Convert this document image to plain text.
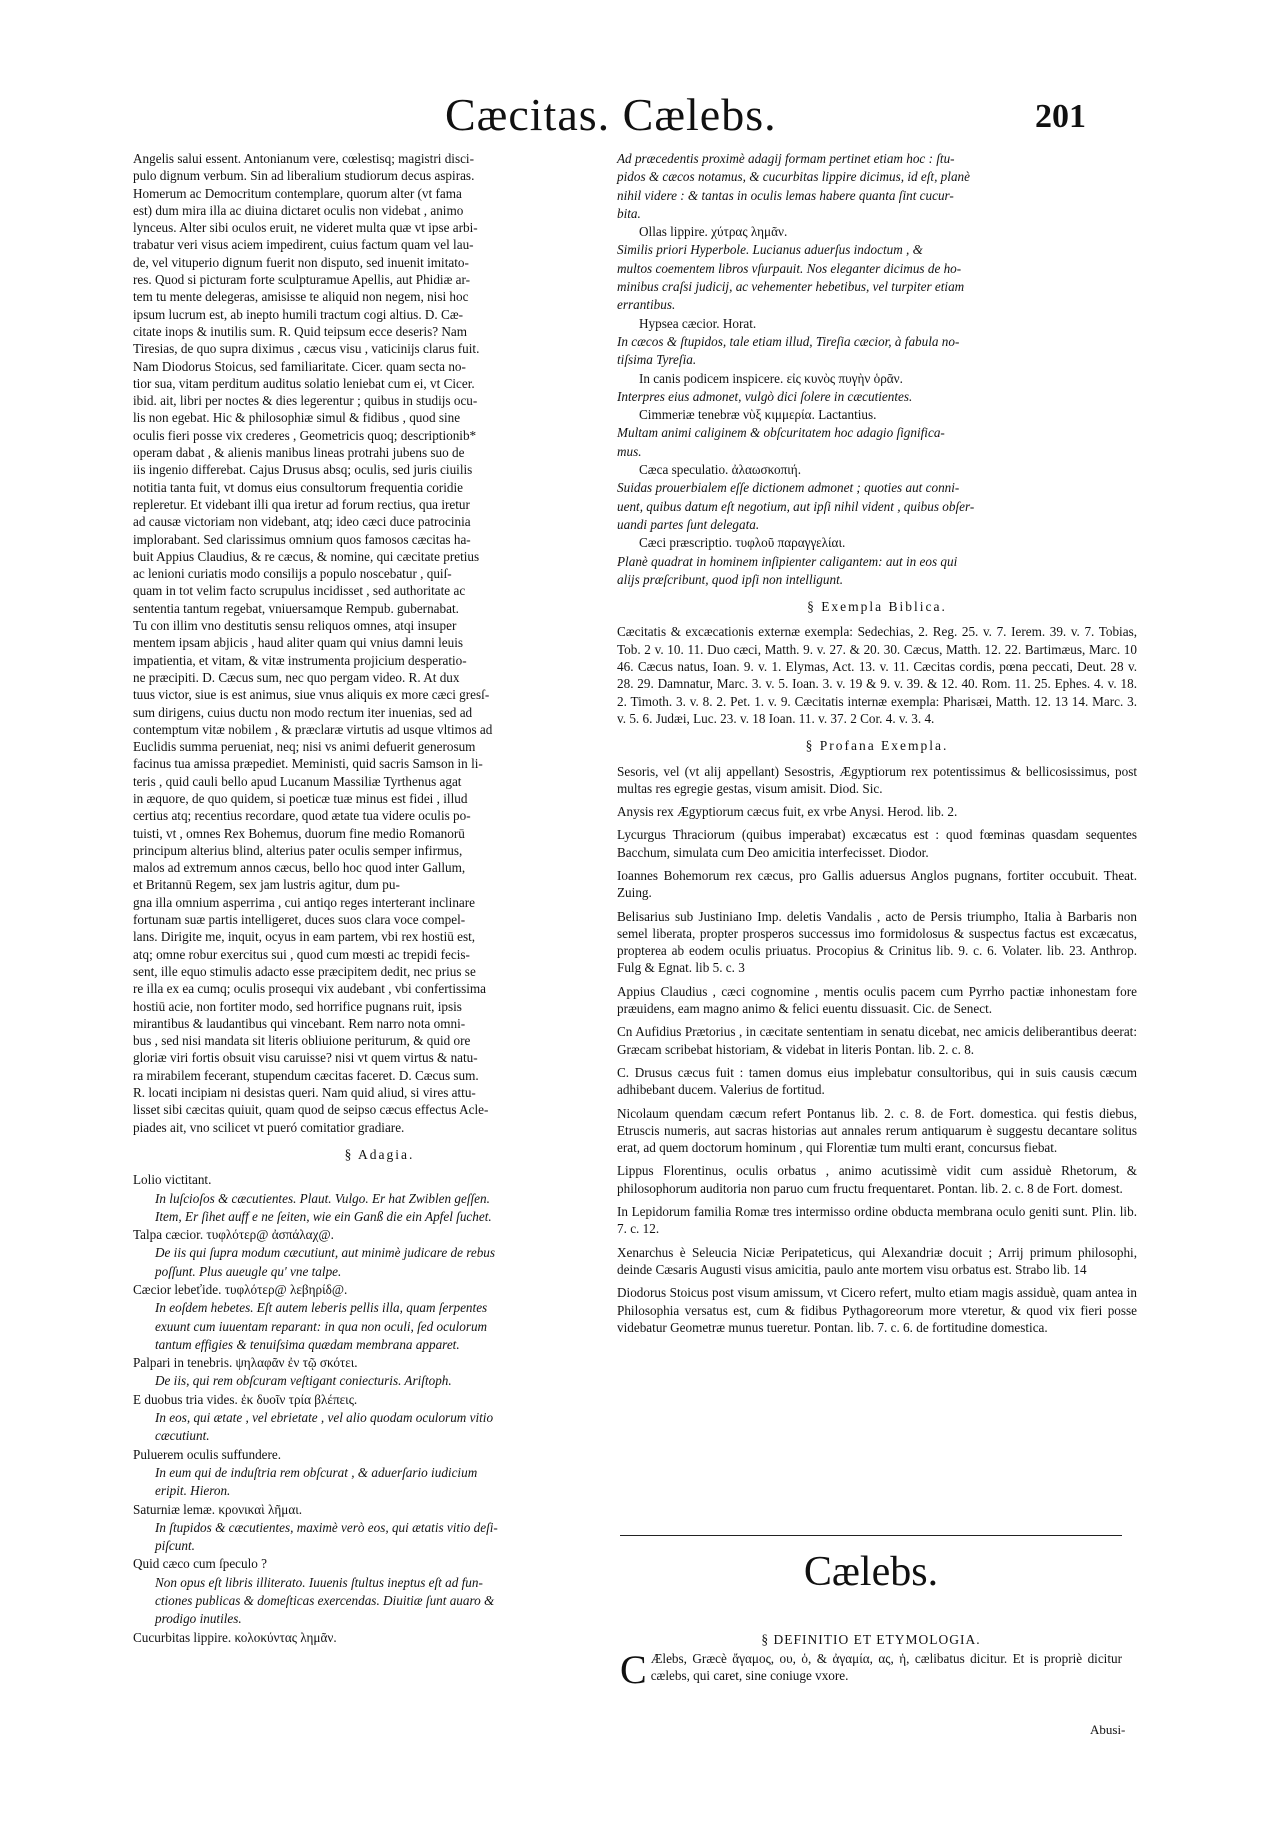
Cæcitas. Cælebs.	201
Angelis salui essent. Antonianum vere, cœlestisq; magistri disci-
pulo dignum verbum. Sin ad liberalium studiorum decus aspiras.
Homerum ac Democritum contemplare, quorum alter (vt fama
est) dum mira illa ac diuina dictaret oculis non videbat , animo
lynceus. Alter sibi oculos eruit, ne videret multa quæ vt ipse arbi-
trabatur veri visus aciem impedirent, cuius factum quam vel lau-
de, vel vituperio dignum fuerit non disputo, sed inuenit imitato-
res. Quod si picturam forte sculpturamue Apellis, aut Phidiæ ar-
tem tu mente delegeras, amisisse te aliquid non negem, nisi hoc
ipsum lucrum est, ab inepto humili tractum cogi altius. D. Cæ-
citate inops & inutilis sum. R. Quid teipsum ecce deseris? Nam
Tiresias, de quo supra diximus , cæcus visu , vaticinijs clarus fuit.
Nam Diodorus Stoicus, sed familiaritate. Cicer. quam secta no-
tior sua, vitam perditum auditus solatio leniebat cum ei, vt Cicer.
ibid. ait, libri per noctes & dies legerentur ; quibus in studijs ocu-
lis non egebat. Hic & philosophiæ simul & fidibus , quod sine
oculis fieri posse vix crederes , Geometricis quoq; descriptionib*
operam dabat , & alienis manibus lineas protrahi jubens suo de
iis ingenio differebat. Cajus Drusus absq; oculis, sed juris ciuilis
notitia tanta fuit, vt domus eius consultorum frequentia coridie
repleretur. Et videbant illi qua iretur ad forum rectius, qua iretur
ad causæ victoriam non videbant, atq; ideo cæci duce patrocinia
implorabant. Sed clarissimus omnium quos famosos cæcitas ha-
buit Appius Claudius, & re cæcus, & nomine, qui cæcitate pretius
ac lenioni curiatis modo consilijs a populo noscebatur , quiſ-
quam in tot velim facto scrupulus incidisset , sed authoritate ac
sententia tantum regebat, vniuersamque Rempub. gubernabat.
Tu con illim vno destitutis sensu reliquos omnes, atqi insuper
mentem ipsam abjicis , haud aliter quam qui vnius damni leuis
impatientia, et vitam, & vitæ instrumenta projicium desperatio-
ne præcipiti. D. Cæcus sum, nec quo pergam video. R. At dux
tuus victor, siue is est animus, siue vnus aliquis ex more cæci gresſ-
sum dirigens, cuius ductu non modo rectum iter inuenias, sed ad
contemptum vitæ nobilem , & præclaræ virtutis ad usque vltimos ad
Euclidis summa perueniat, neq; nisi vs animi defuerit generosum
facinus tua amissa præpediet. Meministi, quid sacris Samson in li-
teris , quid cauli bello apud Lucanum Massiliæ Tyrthenus agat
in æquore, de quo quidem, si poeticæ tuæ minus est fidei , illud
certius atq; recentius recordare, quod ætate tua videre oculis po-
tuisti, vt , omnes Rex Bohemus, duorum fine medio Romanorū
principum alterius blind, alterius pater oculis semper infirmus,
malos ad extremum annos cæcus, bello hoc quod inter Gallum,
et Britannū Regem, sex jam lustris agitur, dum pu-
gna illa omnium asperrima , cui antiqo reges interterant inclinare
fortunam suæ partis intelligeret, duces suos clara voce compel-
lans. Dirigite me, inquit, ocyus in eam partem, vbi rex hostiū est,
atq; omne robur exercitus sui , quod cum mœsti ac trepidi fecis-
sent, ille equo stimulis adacto esse præcipitem dedit, nec prius se
re illa ex ea cumq; oculis prosequi vix audebant , vbi confertissima
hostiū acie, non fortiter modo, sed horrifice pugnans ruit, ipsis
mirantibus & laudantibus qui vincebant. Rem narro nota omni-
bus , sed nisi mandata sit literis obliuione periturum, & quid ore
gloriæ viri fortis obsuit visu caruisse? nisi vt quem virtus & natu-
ra mirabilem fecerant, stupendum cæcitas faceret. D. Cæcus sum.
R. locati incipiam ni desistas queri. Nam quid aliud, si vires attu-
lisset sibi cæcitas quiuit, quam quod de seipso cæcus effectus Acle-
piades ait, vno scilicet vt pueró comitatior gradiare.
§ Adagia.
Lolio victitant.
In luſcioſos & cæcutientes. Plaut. Vulgo. Er hat Zwiblen geſſen.
Item, Er ſihet auff e ne ſeiten, wie ein Ganß die ein Apfel ſuchet.
Talpa cæcior. τυφλότερ@ ἀσπάλαχ@.
De iis qui ſupra modum cæcutiunt, aut minimè judicare de rebus
poſſunt. Plus aueugle qu' vne talpe.
Cæcior lebeťide. τυφλότερ@ λεβηρίδ@.
In eoſdem hebetes. Eſt autem leberis pellis illa, quam ſerpentes
exuunt cum iuuentam reparant: in qua non oculi, ſed oculorum
tantum effigies & tenuiſsima quædam membrana apparet.
Palpari in tenebris. ψηλαφᾶν ἐν τῷ σκότει.
De iis, qui rem obſcuram veſtigant coniecturis. Ariſtoph.
E duobus tria vides. ἐκ δυοῖν τρία βλέπεις.
In eos, qui ætate , vel ebrietate , vel alio quodam oculorum vitio
cæcutiunt.
Puluerem oculis suffundere.
In eum qui de induſtria rem obſcurat , & aduerſario iudicium
eripit. Hieron.
Saturniæ lemæ. κρονικαὶ λῆμαι.
In ſtupidos & cæcutientes, maximè verò eos, qui ætatis vitio deſi-
piſcunt.
Quid cæco cum ſpeculo ?
Non opus eſt libris illiterato. Iuuenis ſtultus ineptus eſt ad fun-
ctiones publicas & domeſticas exercendas. Diuitiæ ſunt auaro &
prodigo inutiles.
Cucurbitas lippire. κολοκύντας λημᾶν.
Ad præcedentis proximè adagij formam pertinet etiam hoc : ſtu-
pidos & cæcos notamus, & cucurbitas lippire dicimus, id eſt, planè
nihil videre : & tantas in oculis lemas habere quanta ſint cucur-
bita.
Ollas lippire. χύτρας λημᾶν.
Similis priori Hyperbole. Lucianus aduerſus indoctum , &
multos coementem libros vſurpauit. Nos eleganter dicimus de ho-
minibus craſsi judicij, ac vehementer hebetibus, vel turpiter etiam
errantibus.
Hypsea cæcior. Horat.
In cæcos & ſtupidos, tale etiam illud, Tireſia cæcior, à fabula no-
tiſsima Tyreſia.
In canis podicem inspicere. εἰς κυνὸς πυγὴν ὁρᾶν.
Interpres eius admonet, vulgò dici ſolere in cæcutientes.
Cimmeriæ tenebræ νὺξ κιμμερία. Lactantius.
Multam animi caliginem & obſcuritatem hoc adagio ſignifica-
mus.
Cæca speculatio. ἀλαωσκοπιή.
Suidas prouerbialem eſſe dictionem admonet ; quoties aut conni-
uent, quibus datum eſt negotium, aut ipſi nihil vident , quibus obſer-
uandi partes ſunt delegata.
Cæci præscriptio. τυφλοῦ παραγγελίαι.
Planè quadrat in hominem inſipienter caligantem: aut in eos qui
alijs præſcribunt, quod ipſi non intelligunt.
§ Exempla Biblica.

Cæcitatis & excæcationis externæ exempla: Sedechias, 2. Reg. 25. v. 7. Ierem. 39. v. 7. Tobias, Tob. 2 v. 10. 11. Duo cæci, Matth. 9. v. 27. & 20. 30. Cæcus, Matth. 12. 22. Bartimæus, Marc. 10 46. Cæcus natus, Ioan. 9. v. 1. Elymas, Act. 13. v. 11. Cæcitas cordis, pœna peccati, Deut. 28 v. 28. 29. Damnatur, Marc. 3. v. 5. Ioan. 3. v. 19 & 9. v. 39. & 12. 40. Rom. 11. 25. Ephes. 4. v. 18. 2. Timoth. 3. v. 8. 2. Pet. 1. v. 9. Cæcitatis internæ exempla: Pharisæi, Matth. 12. 13 14. Marc. 3. v. 5. 6. Judæi, Luc. 23. v. 18 Ioan. 11. v. 37. 2 Cor. 4. v. 3. 4.

§ Profana Exempla.

Sesoris, vel (vt alij appellant) Sesostris, Ægyptiorum rex potentissimus & bellicosissimus, post multas res egregie gestas, visum amisit. Diod. Sic.

Anysis rex Ægyptiorum cæcus fuit, ex vrbe Anysi. Herod. lib. 2.

Lycurgus Thraciorum (quibus imperabat) excæcatus est : quod fœminas quasdam sequentes Bacchum, simulata cum Deo amicitia interfecisset. Diodor.

Ioannes Bohemorum rex cæcus, pro Gallis aduersus Anglos pugnans, fortiter occubuit. Theat. Zuing.

Belisarius sub Justiniano Imp. deletis Vandalis , acto de Persis triumpho, Italia à Barbaris non semel liberata, propter prosperos successus imo formidolosus & suspectus factus est excæcatus, propterea ab eodem oculis priuatus. Procopius & Crinitus lib. 9. c. 6. Volater. lib. 23. Anthrop. Fulg & Egnat. lib 5. c. 3

Appius Claudius , cæci cognomine , mentis oculis pacem cum Pyrrho pactiæ inhonestam fore præuidens, eam magno animo & felici euentu dissuasit. Cic. de Senect.

Cn Aufidius Prætorius , in cæcitate sententiam in senatu dicebat, nec amicis deliberantibus deerat: Græcam scribebat historiam, & videbat in literis Pontan. lib. 2. c. 8.

C. Drusus cæcus fuit : tamen domus eius implebatur consultoribus, qui in suis causis cæcum adhibebant ducem. Valerius de fortitud.

Nicolaum quendam cæcum refert Pontanus lib. 2. c. 8. de Fort. domestica. qui festis diebus, Etruscis numeris, aut sacras historias aut annales rerum antiquarum è suggestu decantare solitus erat, ad quem doctorum hominum , qui Florentiæ tum multi erant, concursus fiebat.

Lippus Florentinus, oculis orbatus , animo acutissimè vidit cum assiduè Rhetorum, & philosophorum auditoria non paruo cum fructu frequentaret. Pontan. lib. 2. c. 8 de Fort. domest.

In Lepidorum familia Romæ tres intermisso ordine obducta membrana oculo geniti sunt. Plin. lib. 7. c. 12.

Xenarchus è Seleucia Niciæ Peripateticus, qui Alexandriæ docuit ; Arrij primum philosophi, deinde Cæsaris Augusti visus amicitia, paulo ante mortem visu orbatus est. Strabo lib. 14

Diodorus Stoicus post visum amissum, vt Cicero refert, multo etiam magis assiduè, quam antea in Philosophia versatus est, cum & fidibus Pythagoreorum more vteretur, & quod vix fieri posse videbatur Geometræ munus tueretur. Pontan. lib. 7. c. 6. de fortitudine domestica.

Cælebs.
§ DEFINITIO ET ETYMOLOGIA.
C Ælebs, Græcè ἄγαμος, ου, ὁ, & ἀγαμία, ας, ἡ, cælibatus dicitur. Et is propriè dicitur cælebs, qui caret, sine coniuge vxore.
Abusi-
